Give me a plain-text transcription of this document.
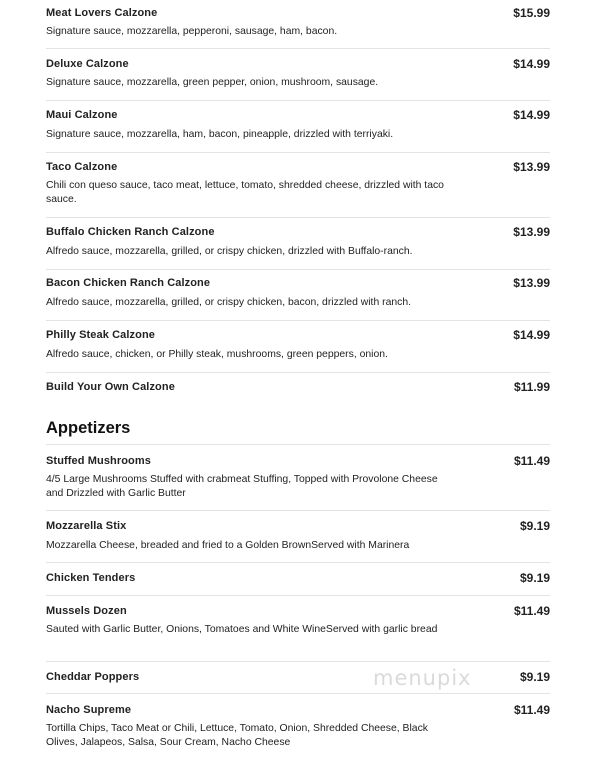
Meat Lovers Calzone	$15.99
Signature sauce, mozzarella, pepperoni, sausage, ham, bacon.
Deluxe Calzone	$14.99
Signature sauce, mozzarella, green pepper, onion, mushroom, sausage.
Maui Calzone	$14.99
Signature sauce, mozzarella, ham, bacon, pineapple, drizzled with terriyaki.
Taco Calzone	$13.99
Chili con queso sauce, taco meat, lettuce, tomato, shredded cheese, drizzled with taco sauce.
Buffalo Chicken Ranch Calzone	$13.99
Alfredo sauce, mozzarella, grilled, or crispy chicken, drizzled with Buffalo-ranch.
Bacon Chicken Ranch Calzone	$13.99
Alfredo sauce, mozzarella, grilled, or crispy chicken, bacon, drizzled with ranch.
Philly Steak Calzone	$14.99
Alfredo sauce, chicken, or Philly steak, mushrooms, green peppers, onion.
Build Your Own Calzone	$11.99
Appetizers
Stuffed Mushrooms	$11.49
4/5 Large Mushrooms Stuffed with crabmeat Stuffing, Topped with Provolone Cheese and Drizzled with Garlic Butter
Mozzarella Stix	$9.19
Mozzarella Cheese, breaded and fried to a Golden BrownServed with Marinera
Chicken Tenders	$9.19
Mussels Dozen	$11.49
Sauted with Garlic Butter, Onions, Tomatoes and White WineServed with garlic bread
Cheddar Poppers	$9.19
Nacho Supreme	$11.49
Tortilla Chips, Taco Meat or Chili, Lettuce, Tomato, Onion, Shredded Cheese, Black Olives, Jalapeos, Salsa, Sour Cream, Nacho Cheese
menupix
